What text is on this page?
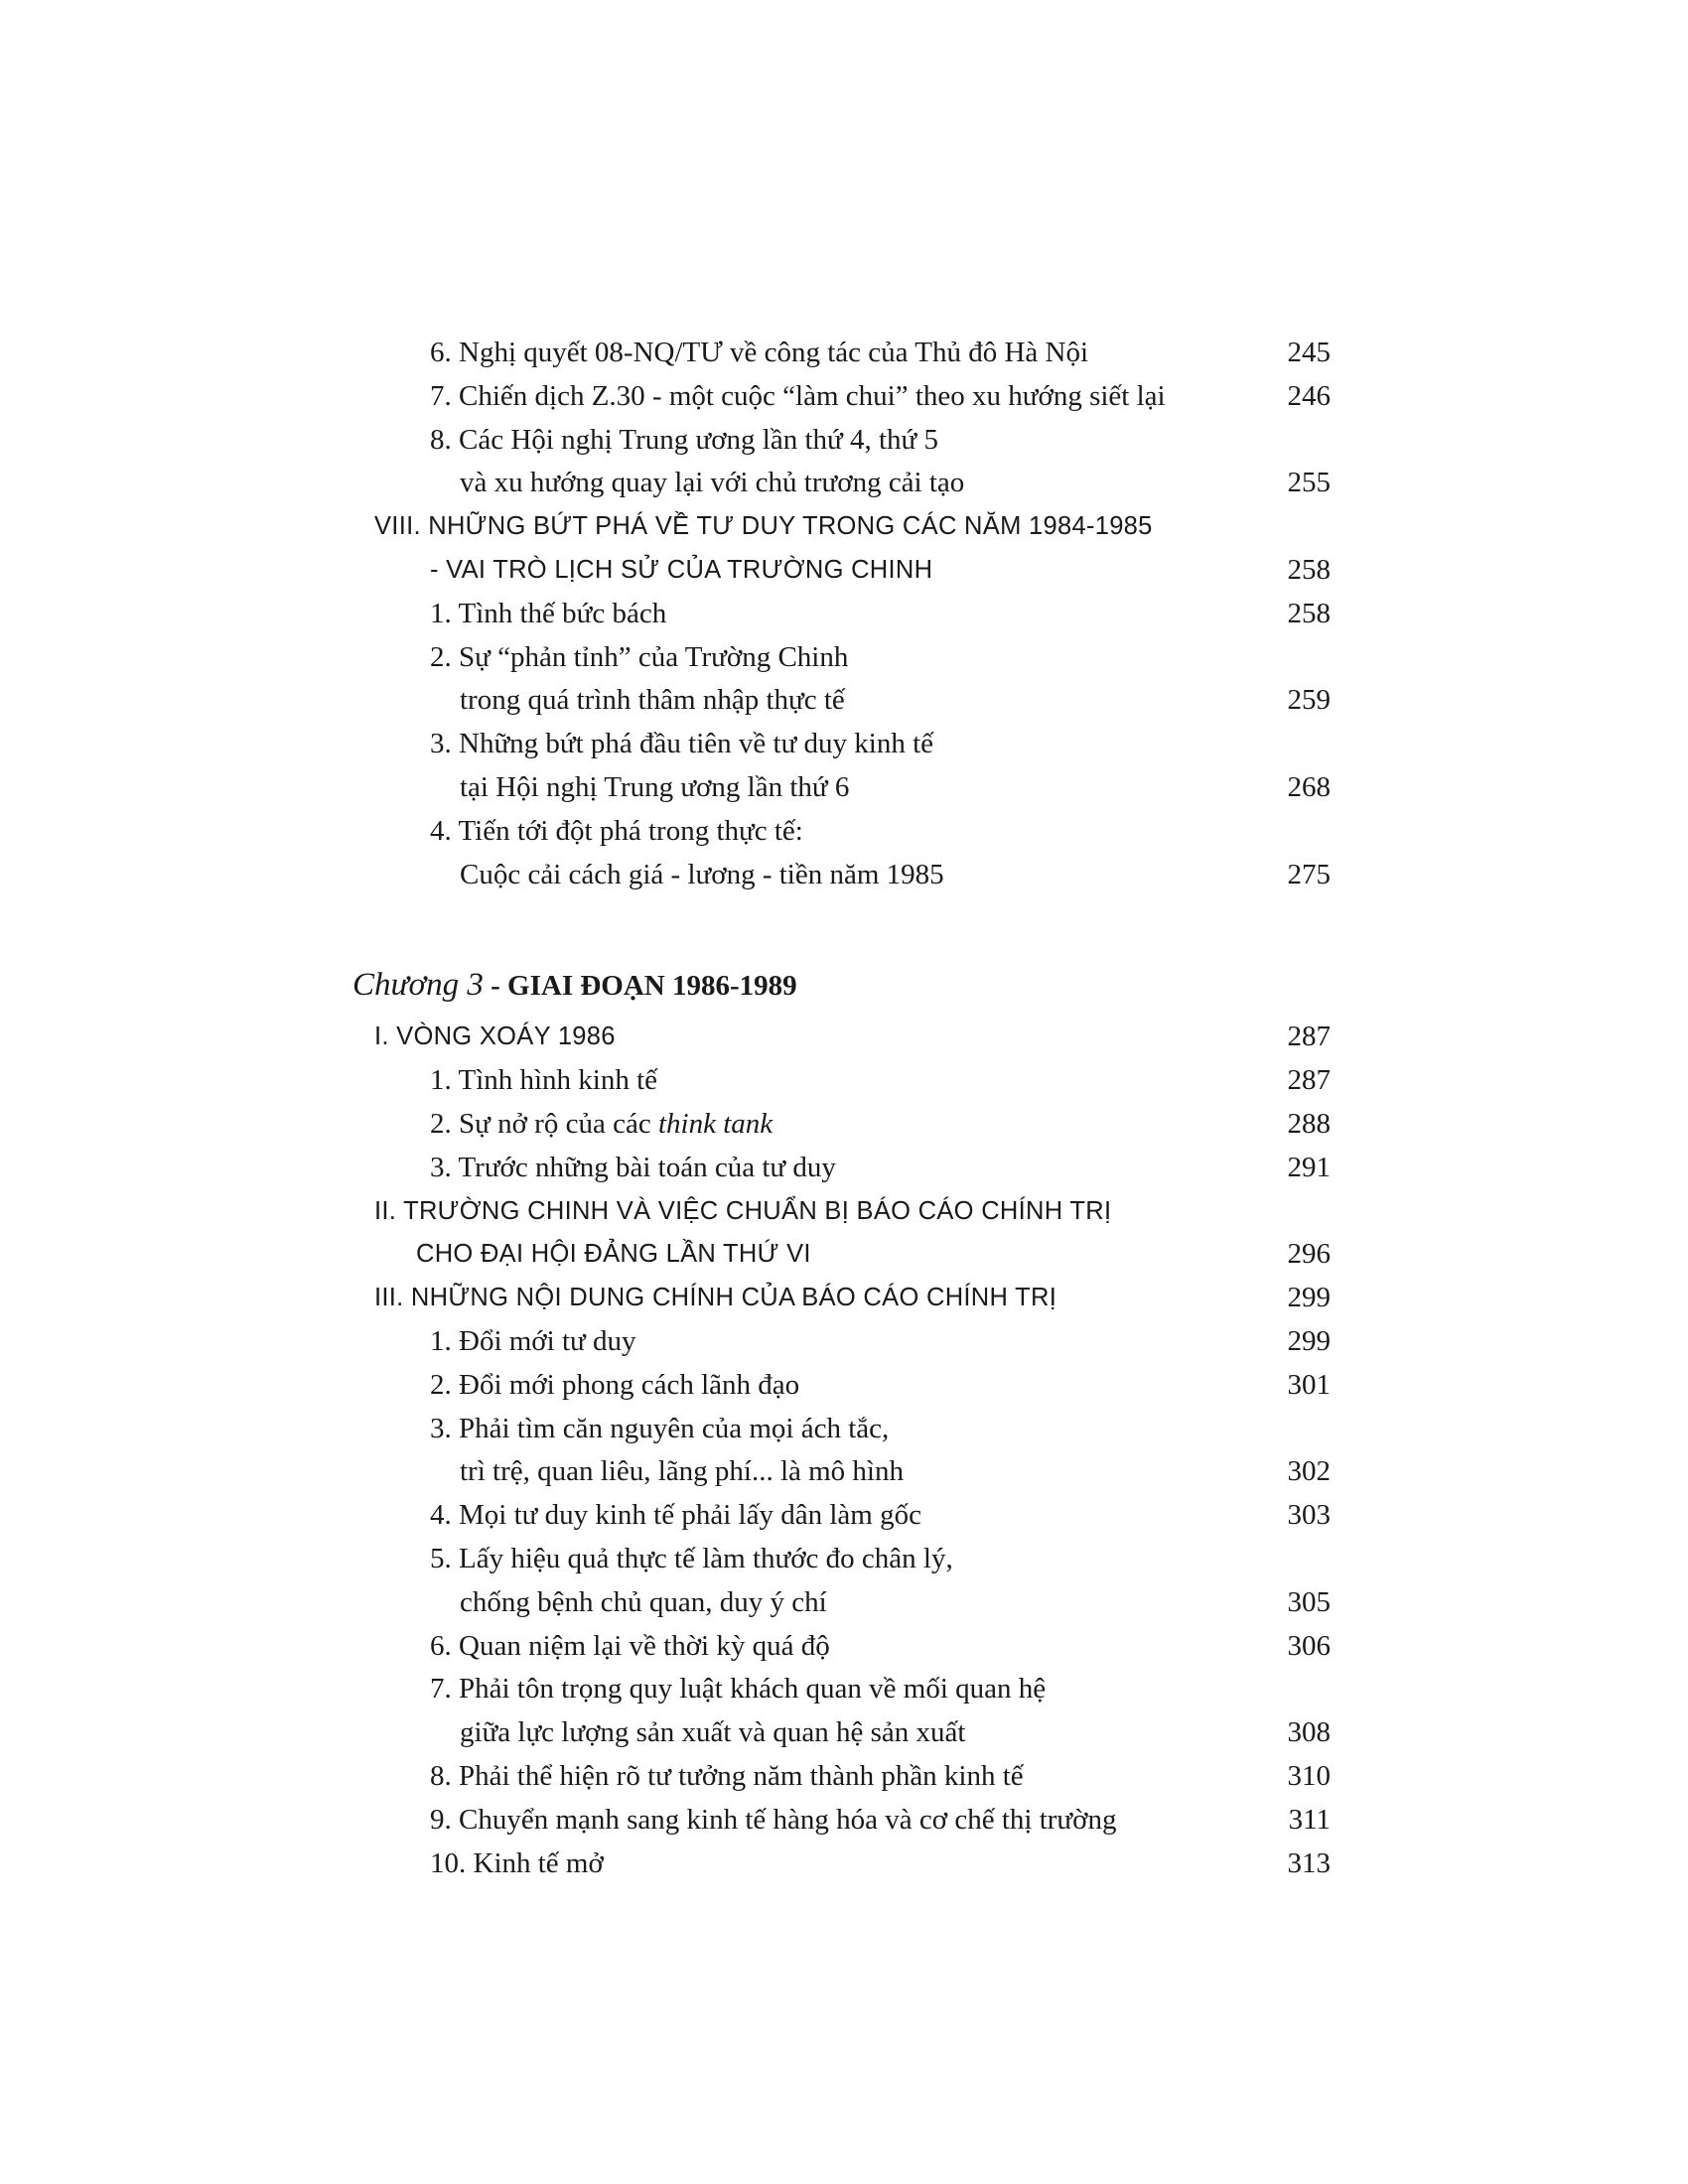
6. Nghị quyết 08-NQ/TƯ về công tác của Thủ đô Hà Nội	245
7. Chiến dịch Z.30 - một cuộc “làm chui” theo xu hướng siết lại	246
8. Các Hội nghị Trung ương lần thứ 4, thứ 5
và xu hướng quay lại với chủ trương cải tạo	255
VIII. NHỮNG BỨT PHÁ VỀ TƯ DUY TRONG CÁC NĂM 1984-1985
- VAI TRÒ LỊCH SỬ CỦA TRƯỜNG CHINH	258
1. Tình thế bức bách	258
2. Sự “phản tỉnh” của Trường Chinh
trong quá trình thâm nhập thực tế	259
3. Những bứt phá đầu tiên về tư duy kinh tế
tại Hội nghị Trung ương lần thứ 6	268
4. Tiến tới đột phá trong thực tế:
Cuộc cải cách giá - lương - tiền năm 1985	275
Chương 3 - GIAI ĐOẠN 1986-1989
I. VÒNG XOÁY 1986	287
1. Tình hình kinh tế	287
2. Sự nở rộ của các think tank	288
3. Trước những bài toán của tư duy	291
II. TRƯỜNG CHINH VÀ VIỆC CHUẨN BỊ BÁO CÁO CHÍNH TRỊ
CHO ĐẠI HỘI ĐẢNG LẦN THỨ VI	296
III. NHỮNG NỘI DUNG CHÍNH CỦA BÁO CÁO CHÍNH TRỊ	299
1. Đổi mới tư duy	299
2. Đổi mới phong cách lãnh đạo	301
3. Phải tìm căn nguyên của mọi ách tắc,
trì trệ, quan liêu, lãng phí... là mô hình	302
4. Mọi tư duy kinh tế phải lấy dân làm gốc	303
5. Lấy hiệu quả thực tế làm thước đo chân lý,
chống bệnh chủ quan, duy ý chí	305
6. Quan niệm lại về thời kỳ quá độ	306
7. Phải tôn trọng quy luật khách quan về mối quan hệ
giữa lực lượng sản xuất và quan hệ sản xuất	308
8. Phải thể hiện rõ tư tưởng năm thành phần kinh tế	310
9. Chuyển mạnh sang kinh tế hàng hóa và cơ chế thị trường	311
10. Kinh tế mở	313
